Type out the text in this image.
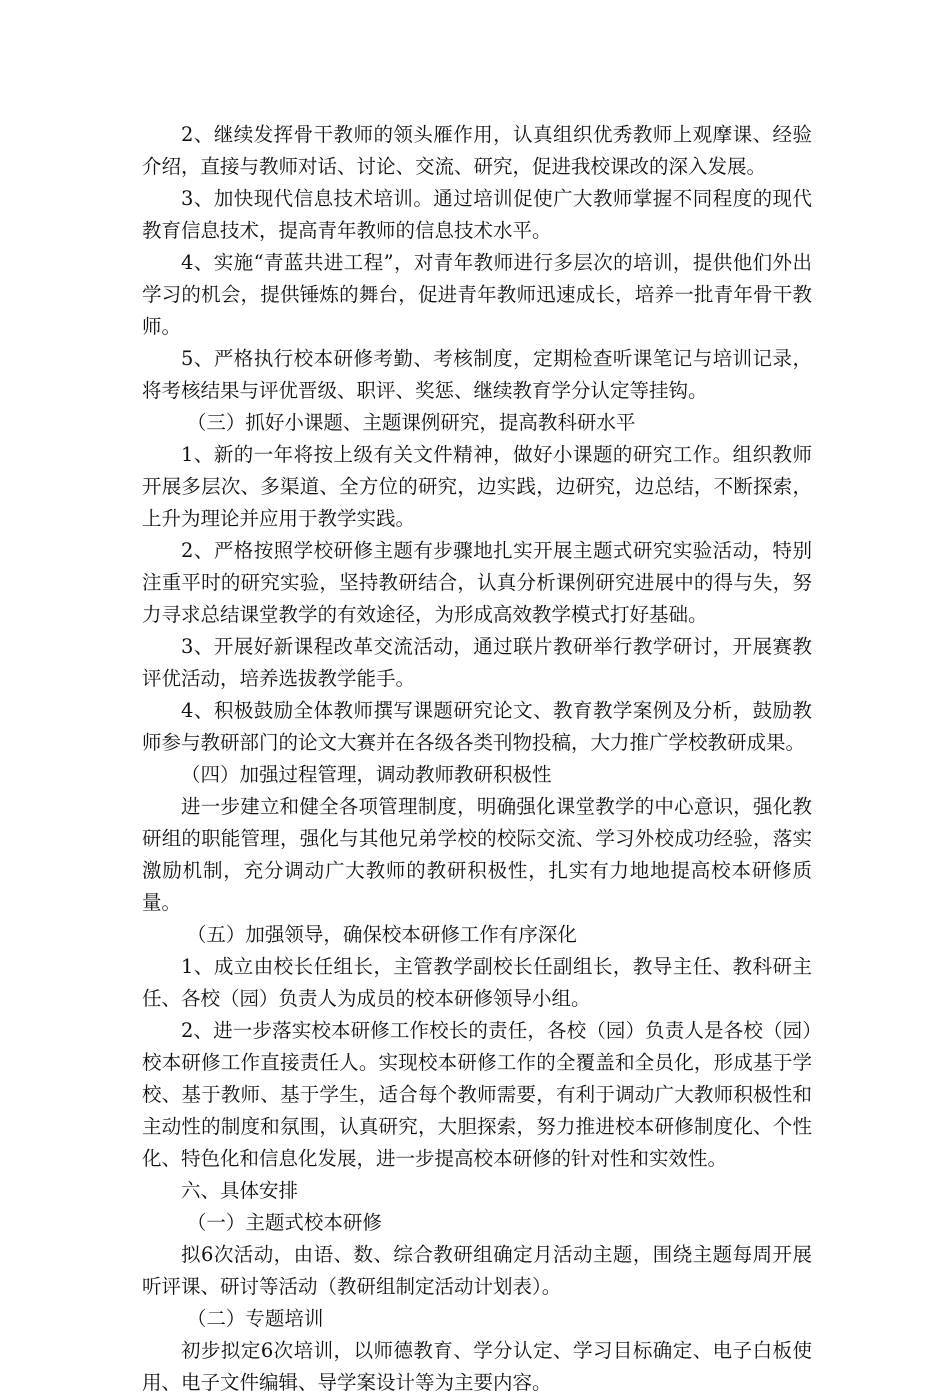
2、继续发挥骨干教师的领头雁作用，认真组织优秀教师上观摩课、经验介绍，直接与教师对话、讨论、交流、研究，促进我校课改的深入发展。

3、加快现代信息技术培训。通过培训促使广大教师掌握不同程度的现代教育信息技术，提高青年教师的信息技术水平。

4、实施“青蓝共进工程”，对青年教师进行多层次的培训，提供他们外出学习的机会，提供锤炼的舞台，促进青年教师迅速成长，培养一批青年骨干教师。

5、严格执行校本研修考勤、考核制度，定期检查听课笔记与培训记录，将考核结果与评优晋级、职评、奖惩、继续教育学分认定等挂钩。

（三）抓好小课题、主题课例研究，提高教科研水平

1、新的一年将按上级有关文件精神，做好小课题的研究工作。组织教师开展多层次、多渠道、全方位的研究，边实践，边研究，边总结，不断探索，上升为理论并应用于教学实践。

2、严格按照学校研修主题有步骤地扎实开展主题式研究实验活动，特别注重平时的研究实验，坚持教研结合，认真分析课例研究进展中的得与失，努力寻求总结课堂教学的有效途径，为形成高效教学模式打好基础。

3、开展好新课程改革交流活动，通过联片教研举行教学研讨，开展赛教评优活动，培养选拔教学能手。

4、积极鼓励全体教师撰写课题研究论文、教育教学案例及分析，鼓励教师参与教研部门的论文大赛并在各级各类刊物投稿，大力推广学校教研成果。

（四）加强过程管理，调动教师教研积极性

进一步建立和健全各项管理制度，明确强化课堂教学的中心意识，强化教研组的职能管理，强化与其他兄弟学校的校际交流、学习外校成功经验，落实激励机制，充分调动广大教师的教研积极性，扎实有力地地提高校本研修质量。

（五）加强领导，确保校本研修工作有序深化

1、成立由校长任组长，主管教学副校长任副组长，教导主任、教科研主任、各校（园）负责人为成员的校本研修领导小组。

2、进一步落实校本研修工作校长的责任，各校（园）负责人是各校（园）校本研修工作直接责任人。实现校本研修工作的全覆盖和全员化，形成基于学校、基于教师、基于学生，适合每个教师需要，有利于调动广大教师积极性和主动性的制度和氛围，认真研究，大胆探索，努力推进校本研修制度化、个性化、特色化和信息化发展，进一步提高校本研修的针对性和实效性。

六、具体安排

（一）主题式校本研修

拟6次活动，由语、数、综合教研组确定月活动主题，围绕主题每周开展听评课、研讨等活动（教研组制定活动计划表）。

（二）专题培训

初步拟定6次培训，以师德教育、学分认定、学习目标确定、电子白板使用、电子文件编辑、导学案设计等为主要内容。
